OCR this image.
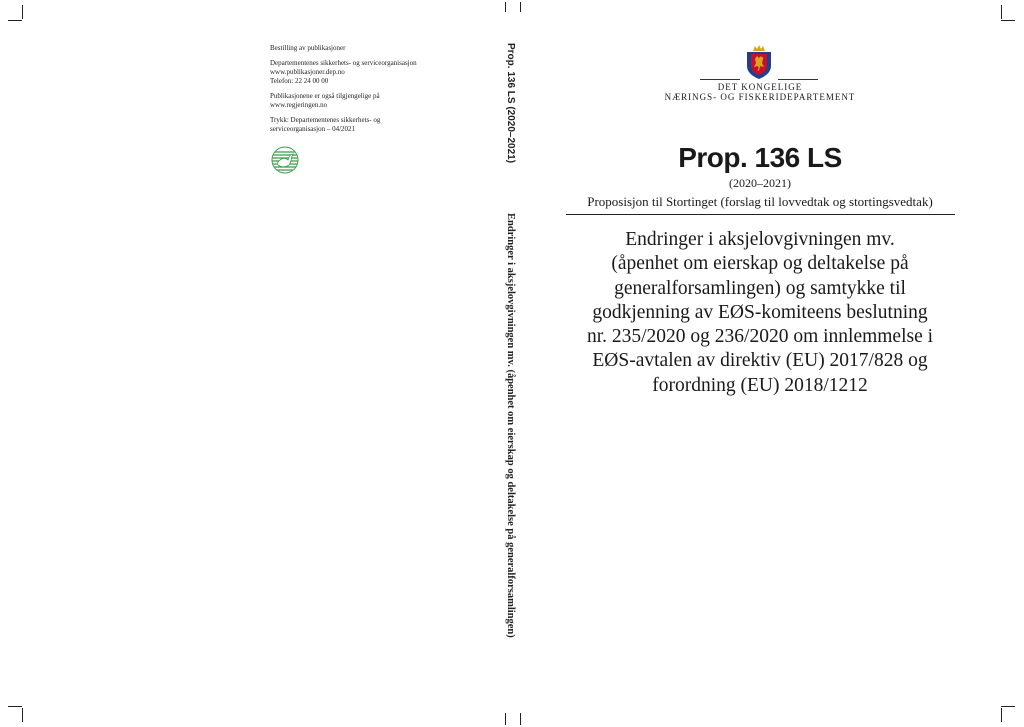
Bestilling av publikasjoner

Departementenes sikkerhets- og serviceorganisasjon
www.publikasjoner.dep.no
Telefon: 22 24 00 00

Publikasjonene er også tilgjengelige på
www.regjeringen.no

Trykk: Departementenes sikkerhets- og
serviceorganisasjon – 04/2021	Prop. 136 LS (2020–2021)
Endringer i aksjelovgivningen mv. (åpenhet om eierskap og deltakelse på generalforsamlingen)
DET KONGELIGE
NÆRINGS- OG FISKERIDEPARTEMENT
Prop. 136 LS
(2020–2021)
Proposisjon til Stortinget (forslag til lovvedtak og stortingsvedtak)
Endringer i aksjelovgivningen mv.
(åpenhet om eierskap og deltakelse på
generalforsamlingen) og samtykke til
godkjenning av EØS-komiteens beslutning
nr. 235/2020 og 236/2020 om innlemmelse i
EØS-avtalen av direktiv (EU) 2017/828 og
forordning (EU) 2018/1212
